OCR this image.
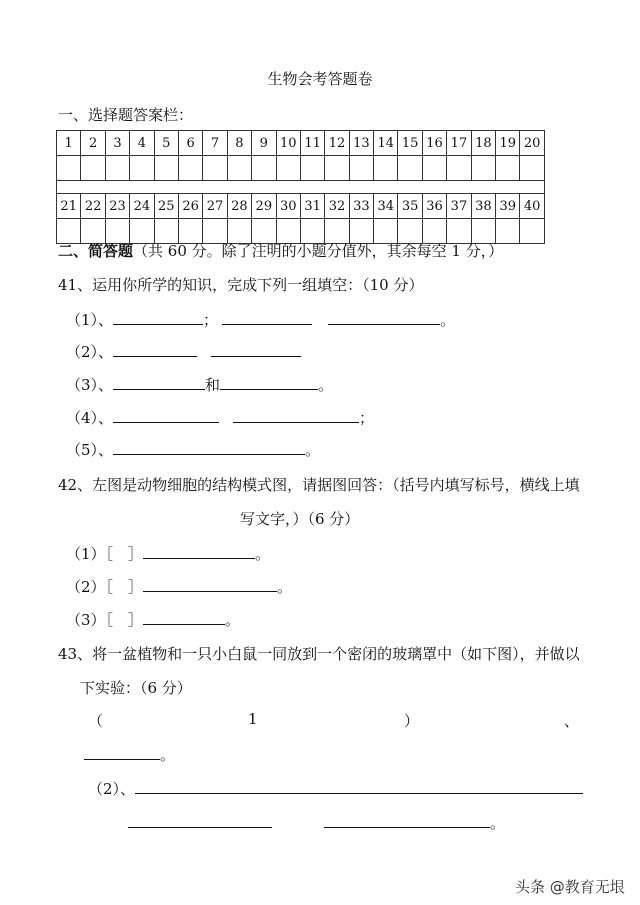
生物会考答题卷
一、选择题答案栏：
1	2	3	4	5	6	7	8	9	10	11	12	13	14	15	16	17	18	19	20

21	22	23	24	25	26	27	28	29	30	31	32	33	34	35	36	37	38	39	40

二、简答题（共 60 分。除了注明的小题分值外，其余每空 1 分，）
41、运用你所学的知识，完成下列一组填空：（10 分）
（1）、	；	。
（2）、
（3）、	和	。
（4）、	；
（5）、	。
42、左图是动物细胞的结构模式图，请据图回答：（括号内填写标号，横线上填
写文字，）（6 分）
（1）［　］	。
（2）［　］	。
（3）［　］	。
43、将一盆植物和一只小白鼠一同放到一个密闭的玻璃罩中（如下图），并做以
下实验：（6 分）
（	1	）	、
。
（2）、
。
头条 @教育无垠
